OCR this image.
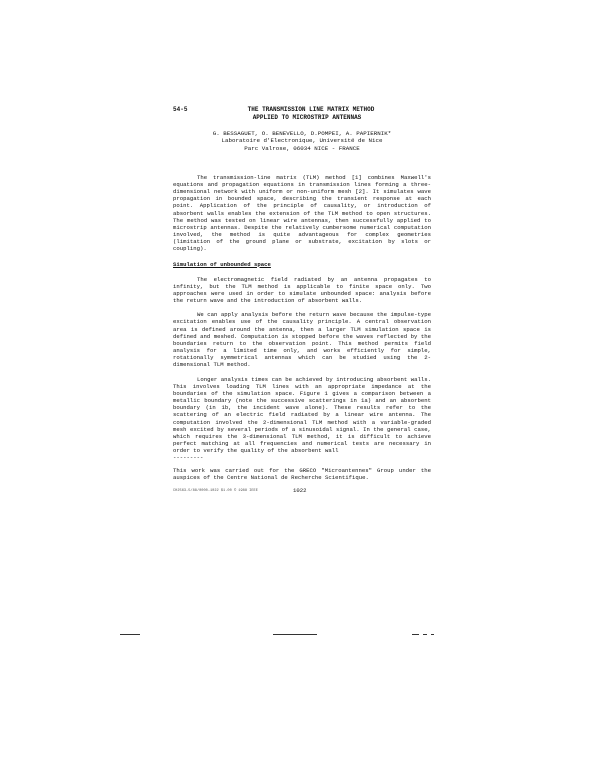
54-5	THE TRANSMISSION LINE MATRIX METHOD
APPLIED TO MICROSTRIP ANTENNAS
G. BESSAGUET, O. BENEVELLO, D.POMPEI, A. PAPIERNIK*
Laboratoire d'Electronique, Université de Nice
Parc Valrose, 06034 NICE - FRANCE

The transmission-line matrix (TLM) method [1] combines Maxwell's equations and propagation equations in transmission lines forming a three-dimensional network with uniform or non-uniform mesh [2]. It simulates wave propagation in bounded space, describing the transient response at each point. Application of the principle of causality, or introduction of absorbent walls enables the extension of the TLM method to open structures. The method was tested on linear wire antennas, then successfully applied to microstrip antennas. Despite the relatively cumbersome numerical computation involved, the method is quite advantageous for complex geometries (limitation of the ground plane or substrate, excitation by slots or coupling).

Simulation of unbounded space

The electromagnetic field radiated by an antenna propagates to infinity, but the TLM method is applicable to finite space only. Two approaches were used in order to simulate unbounded space: analysis before the return wave and the introduction of absorbent walls.

We can apply analysis before the return wave because the impulse-type excitation enables use of the causality principle. A central observation area is defined around the antenna, then a larger TLM simulation space is defined and meshed. Computation is stopped before the waves reflected by the boundaries return to the observation point. This method permits field analysis for a limited time only, and works efficiently for simple, rotationally symmetrical antennas which can be studied using the 2-dimensional TLM method.

Longer analysis times can be achieved by introducing absorbent walls. This involves loading TLM lines with an appropriate impedance at the boundaries of the simulation space. Figure 1 gives a comparison between a metallic boundary (note the successive scatterings in 1a) and an absorbent boundary (in 1b, the incident wave alone). These results refer to the scattering of an electric field radiated by a linear wire antenna. The computation involved the 2-dimensional TLM method with a variable-graded mesh excited by several periods of a sinusoidal signal. In the general case, which requires the 3-dimensional TLM method, it is difficult to achieve perfect matching at all frequencies and numerical tests are necessary in order to verify the quality of the absorbent wall

---------

This work was carried out for the GRECO "Microantennes" Group under the auspices of the Centre National de Recherche Scientifique.

CH2563-5/88/0000-1022 $1.00 © 1988 IEEE	1022
